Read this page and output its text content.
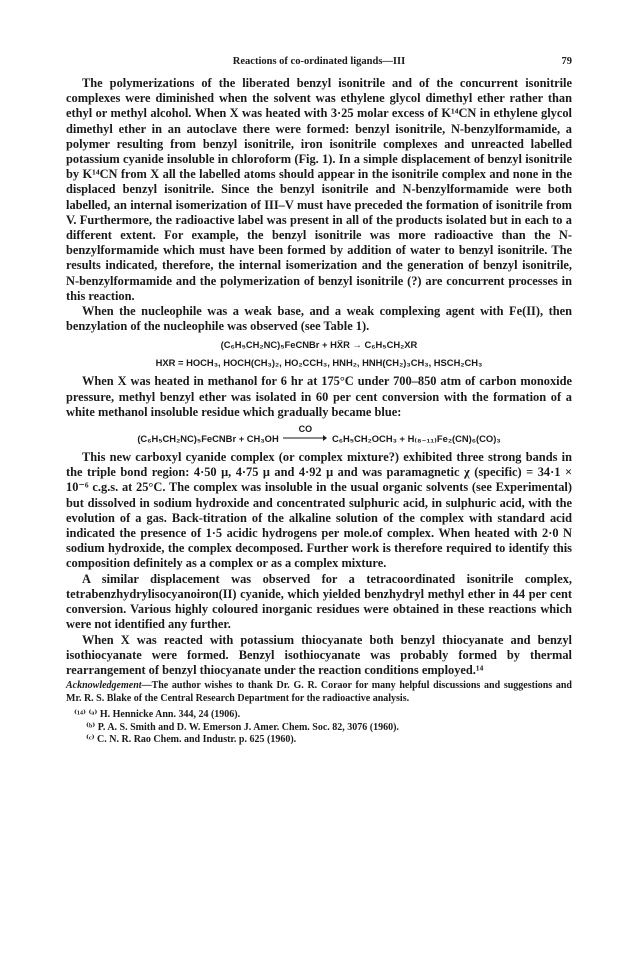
Reactions of co-ordinated ligands—III	79

The polymerizations of the liberated benzyl isonitrile and of the concurrent isonitrile complexes were diminished when the solvent was ethylene glycol dimethyl ether rather than ethyl or methyl alcohol. When X was heated with 3·25 molar excess of K¹⁴CN in ethylene glycol dimethyl ether in an autoclave there were formed: benzyl isonitrile, N-benzylformamide, a polymer resulting from benzyl isonitrile, iron isonitrile complexes and unreacted labelled potassium cyanide insoluble in chloroform (Fig. 1). In a simple displacement of benzyl isonitrile by K¹⁴CN from X all the labelled atoms should appear in the isonitrile complex and none in the displaced benzyl isonitrile. Since the benzyl isonitrile and N-benzylformamide were both labelled, an internal isomerization of III–V must have preceded the formation of isonitrile from V. Furthermore, the radioactive label was present in all of the products isolated but in each to a different extent. For example, the benzyl isonitrile was more radioactive than the N-benzylformamide which must have been formed by addition of water to benzyl isonitrile. The results indicated, therefore, the internal isomerization and the generation of benzyl isonitrile, N-benzylformamide and the polymerization of benzyl isonitrile (?) are concurrent processes in this reaction.

When the nucleophile was a weak base, and a weak complexing agent with Fe(II), then benzylation of the nucleophile was observed (see Table 1).

(C₆H₅CH₂NC)₅FeCNBr + HẌR → C₆H₅CH₂XR
HXR = HOCH₃, HOCH(CH₃)₂, HO₂CCH₃, HNH₂, HNH(CH₂)₃CH₃, HSCH₂CH₃

When X was heated in methanol for 6 hr at 175°C under 700–850 atm of carbon monoxide pressure, methyl benzyl ether was isolated in 60 per cent conversion with the formation of a white methanol insoluble residue which gradually became blue:

(C₆H₅CH₂NC)₅FeCNBr + CH₃OH
CO
C₆H₅CH₂OCH₃ + H₍₈₋₁₁₎Fe₂(CN)₆(CO)₃

This new carboxyl cyanide complex (or complex mixture?) exhibited three strong bands in the triple bond region: 4·50 μ, 4·75 μ and 4·92 μ and was paramagnetic χ (specific) = 34·1 × 10⁻⁶ c.g.s. at 25°C. The complex was insoluble in the usual organic solvents (see Experimental) but dissolved in sodium hydroxide and concentrated sulphuric acid, in sulphuric acid, with the evolution of a gas. Back-titration of the alkaline solution of the complex with standard acid indicated the presence of 1·5 acidic hydrogens per mole.of complex. When heated with 2·0 N sodium hydroxide, the complex decomposed. Further work is therefore required to identify this composition definitely as a complex or as a complex mixture.

A similar displacement was observed for a tetracoordinated isonitrile complex, tetrabenzhydrylisocyanoiron(II) cyanide, which yielded benzhydryl methyl ether in 44 per cent conversion. Various highly coloured inorganic residues were obtained in these reactions which were not identified any further.

When X was reacted with potassium thiocyanate both benzyl thiocyanate and benzyl isothiocyanate were formed. Benzyl isothiocyanate was probably formed by thermal rearrangement of benzyl thiocyanate under the reaction conditions employed.¹⁴

Acknowledgement—The author wishes to thank Dr. G. R. Coraor for many helpful discussions and suggestions and Mr. R. S. Blake of the Central Research Department for the radioactive analysis.
⁽¹⁴⁾ ⁽ᵃ⁾ H. Hennicke Ann. 344, 24 (1906).
⁽ᵇ⁾ P. A. S. Smith and D. W. Emerson J. Amer. Chem. Soc. 82, 3076 (1960).
⁽ᶜ⁾ C. N. R. Rao Chem. and Industr. p. 625 (1960).
